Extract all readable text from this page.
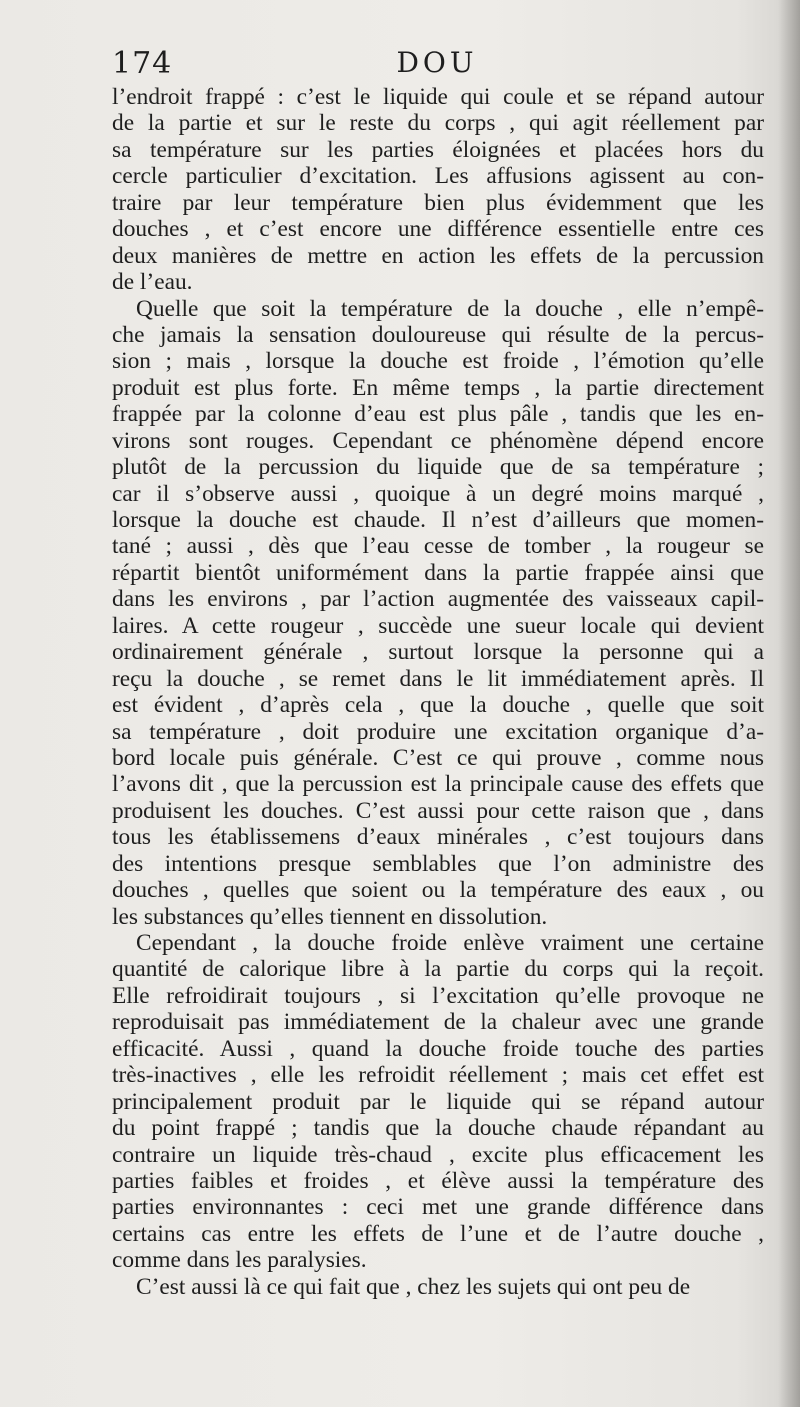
174	DOU
l’endroit frappé : c’est le liquide qui coule et se répand autour
de la partie et sur le reste du corps , qui agit réellement par
sa température sur les parties éloignées et placées hors du
cercle particulier d’excitation. Les affusions agissent au con-
traire par leur température bien plus évidemment que les
douches , et c’est encore une différence essentielle entre ces
deux manières de mettre en action les effets de la percussion
de l’eau.
Quelle que soit la température de la douche , elle n’empê-
che jamais la sensation douloureuse qui résulte de la percus-
sion ; mais , lorsque la douche est froide , l’émotion qu’elle
produit est plus forte. En même temps , la partie directement
frappée par la colonne d’eau est plus pâle , tandis que les en-
virons sont rouges. Cependant ce phénomène dépend encore
plutôt de la percussion du liquide que de sa température ;
car il s’observe aussi , quoique à un degré moins marqué ,
lorsque la douche est chaude. Il n’est d’ailleurs que momen-
tané ; aussi , dès que l’eau cesse de tomber , la rougeur se
répartit bientôt uniformément dans la partie frappée ainsi que
dans les environs , par l’action augmentée des vaisseaux capil-
laires. A cette rougeur , succède une sueur locale qui devient
ordinairement générale , surtout lorsque la personne qui a
reçu la douche , se remet dans le lit immédiatement après. Il
est évident , d’après cela , que la douche , quelle que soit
sa température , doit produire une excitation organique d’a-
bord locale puis générale. C’est ce qui prouve , comme nous
l’avons dit , que la percussion est la principale cause des effets que
produisent les douches. C’est aussi pour cette raison que , dans
tous les établissemens d’eaux minérales , c’est toujours dans
des intentions presque semblables que l’on administre des
douches , quelles que soient ou la température des eaux , ou
les substances qu’elles tiennent en dissolution.
Cependant , la douche froide enlève vraiment une certaine
quantité de calorique libre à la partie du corps qui la reçoit.
Elle refroidirait toujours , si l’excitation qu’elle provoque ne
reproduisait pas immédiatement de la chaleur avec une grande
efficacité. Aussi , quand la douche froide touche des parties
très-inactives , elle les refroidit réellement ; mais cet effet est
principalement produit par le liquide qui se répand autour
du point frappé ; tandis que la douche chaude répandant au
contraire un liquide très-chaud , excite plus efficacement les
parties faibles et froides , et élève aussi la température des
parties environnantes : ceci met une grande différence dans
certains cas entre les effets de l’une et de l’autre douche ,
comme dans les paralysies.
C’est aussi là ce qui fait que , chez les sujets qui ont peu de
